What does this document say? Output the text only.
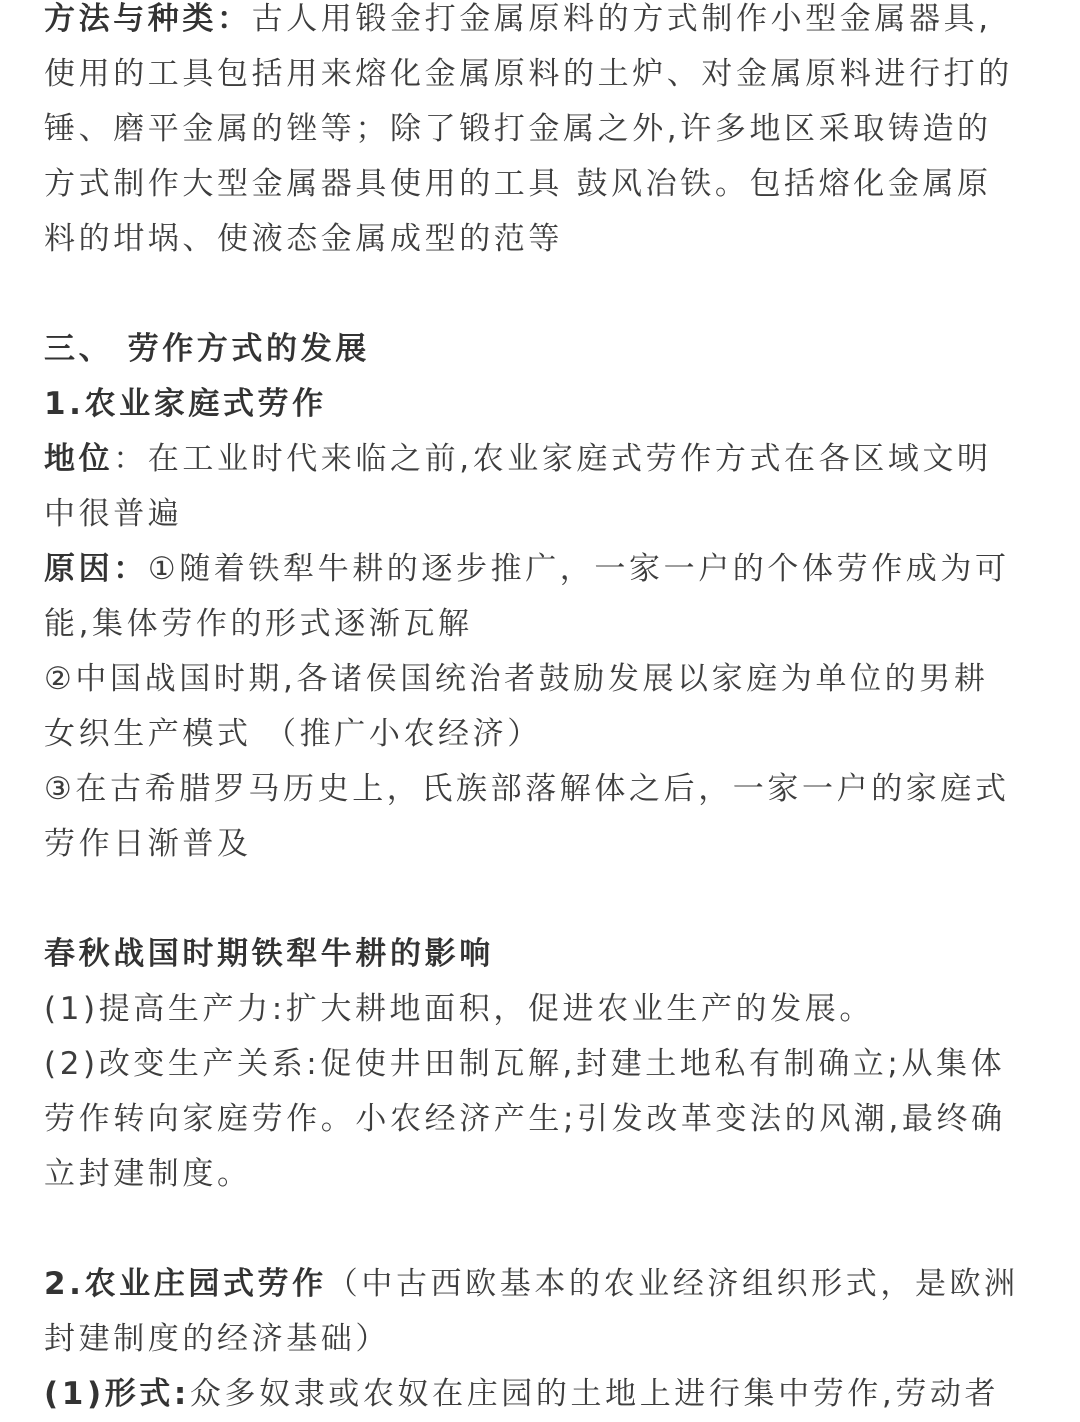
方法与种类：古人用锻金打金属原料的方式制作小型金属器具,
使用的工具包括用来熔化金属原料的土炉、对金属原料进行打的
锤、磨平金属的锉等；除了锻打金属之外,许多地区采取铸造的
方式制作大型金属器具使用的工具 鼓风冶铁。包括熔化金属原
料的坩埚、使液态金属成型的范等
三、 劳作方式的发展
1.农业家庭式劳作
地位：在工业时代来临之前,农业家庭式劳作方式在各区域文明
中很普遍
原因：①随着铁犁牛耕的逐步推广，一家一户的个体劳作成为可
能,集体劳作的形式逐渐瓦解
②中国战国时期,各诸侯国统治者鼓励发展以家庭为单位的男耕
女织生产模式 （推广小农经济）
③在古希腊罗马历史上，氏族部落解体之后，一家一户的家庭式
劳作日渐普及
春秋战国时期铁犁牛耕的影响
(1)提高生产力:扩大耕地面积，促进农业生产的发展。
(2)改变生产关系:促使井田制瓦解,封建土地私有制确立;从集体
劳作转向家庭劳作。小农经济产生;引发改革变法的风潮,最终确
立封建制度。
2.农业庄园式劳作（中古西欧基本的农业经济组织形式，是欧洲
封建制度的经济基础）
(1)形式:众多奴隶或农奴在庄园的土地上进行集中劳作,劳动者
